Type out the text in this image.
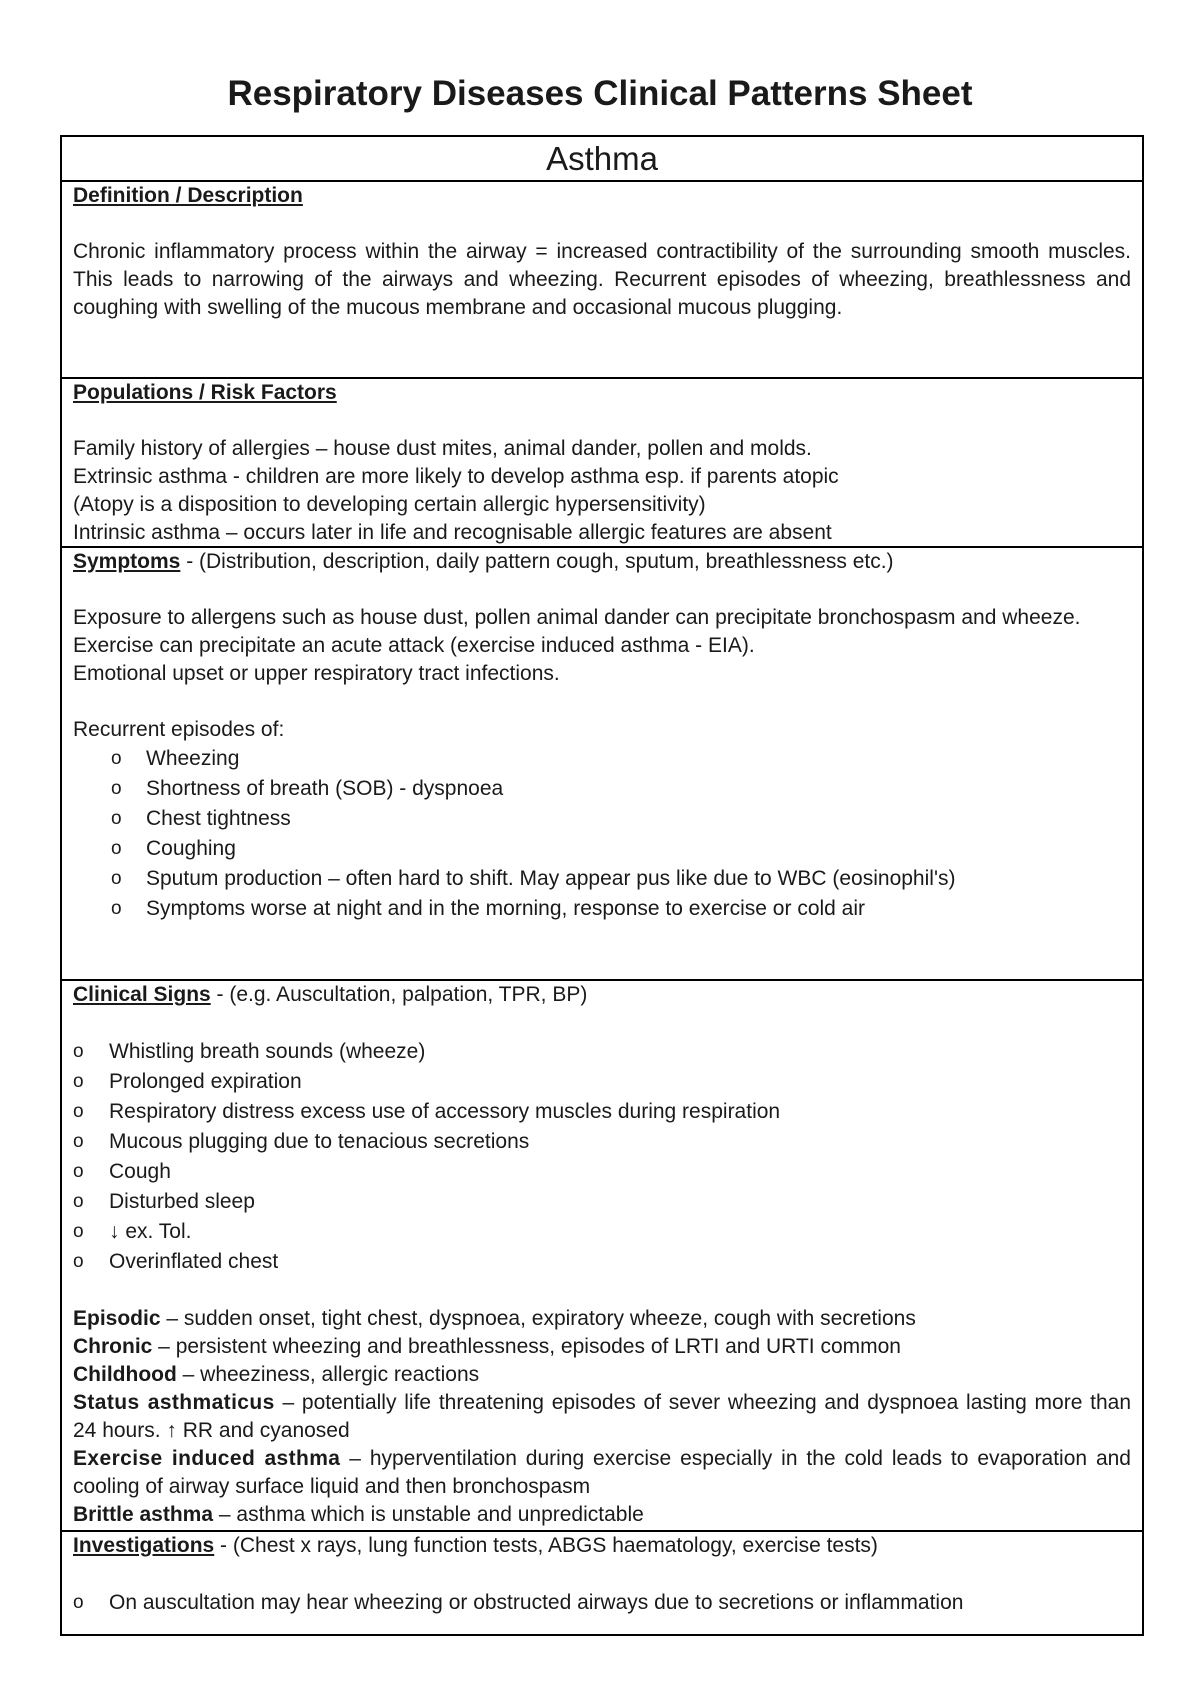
Respiratory Diseases Clinical Patterns Sheet
Asthma
Definition / Description
Chronic inflammatory process within the airway = increased contractibility of the surrounding smooth muscles. This leads to narrowing of the airways and wheezing. Recurrent episodes of wheezing, breathlessness and coughing with swelling of the mucous membrane and occasional mucous plugging.
Populations / Risk Factors
Family history of allergies – house dust mites, animal dander, pollen and molds.
Extrinsic asthma - children are more likely to develop asthma esp. if parents atopic
(Atopy is a disposition to developing certain allergic hypersensitivity)
Intrinsic asthma – occurs later in life and recognisable allergic features are absent
Symptoms - (Distribution, description, daily pattern cough, sputum, breathlessness etc.)
Exposure to allergens such as house dust, pollen animal dander can precipitate bronchospasm and wheeze.
Exercise can precipitate an acute attack (exercise induced asthma - EIA).
Emotional upset or upper respiratory tract infections.
Recurrent episodes of:
o Wheezing
o Shortness of breath (SOB) - dyspnoea
o Chest tightness
o Coughing
o Sputum production – often hard to shift. May appear pus like due to WBC (eosinophil's)
o Symptoms worse at night and in the morning, response to exercise or cold air
Clinical Signs - (e.g. Auscultation, palpation, TPR, BP)
o Whistling breath sounds (wheeze)
o Prolonged expiration
o Respiratory distress excess use of accessory muscles during respiration
o Mucous plugging due to tenacious secretions
o Cough
o Disturbed sleep
o ↓ ex. Tol.
o Overinflated chest
Episodic – sudden onset, tight chest, dyspnoea, expiratory wheeze, cough with secretions
Chronic – persistent wheezing and breathlessness, episodes of LRTI and URTI common
Childhood – wheeziness, allergic reactions
Status asthmaticus – potentially life threatening episodes of sever wheezing and dyspnoea lasting more than 24 hours. ↑ RR and cyanosed
Exercise induced asthma – hyperventilation during exercise especially in the cold leads to evaporation and cooling of airway surface liquid and then bronchospasm
Brittle asthma – asthma which is unstable and unpredictable
Investigations - (Chest x rays, lung function tests, ABGS haematology, exercise tests)
o On auscultation may hear wheezing or obstructed airways due to secretions or inflammation
